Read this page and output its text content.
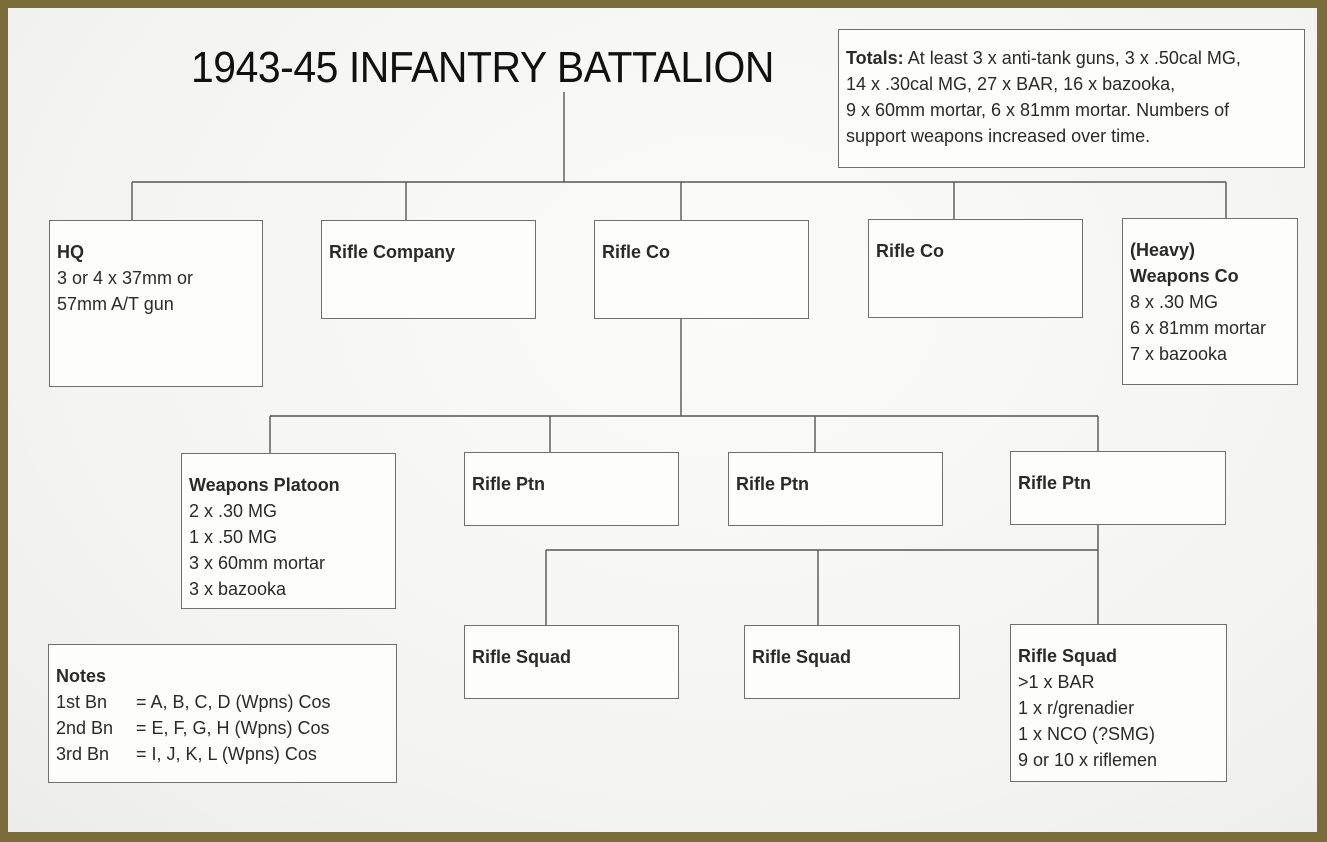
1943-45 INFANTRY BATTALION	Totals: At least 3 x anti-tank guns, 3 x .50cal MG,
14 x .30cal MG, 27 x BAR, 16 x bazooka,
9 x 60mm mortar, 6 x 81mm mortar. Numbers of
support weapons increased over time.
HQ
3 or 4 x 37mm or
57mm A/T gun
Rifle Company	Rifle Co	Rifle Co	(Heavy)
Weapons Co
8 x .30 MG
6 x 81mm mortar
7 x bazooka
Weapons Platoon
2 x .30 MG
1 x .50 MG
3 x 60mm mortar
3 x bazooka
Rifle Ptn	Rifle Ptn	Rifle Ptn
Rifle Squad	Rifle Squad	Rifle Squad
>1 x BAR
1 x r/grenadier
1 x NCO (?SMG)
9 or 10 x riflemen
Notes
1st Bn = A, B, C, D (Wpns) Cos
2nd Bn = E, F, G, H (Wpns) Cos
3rd Bn = I, J, K, L (Wpns) Cos
